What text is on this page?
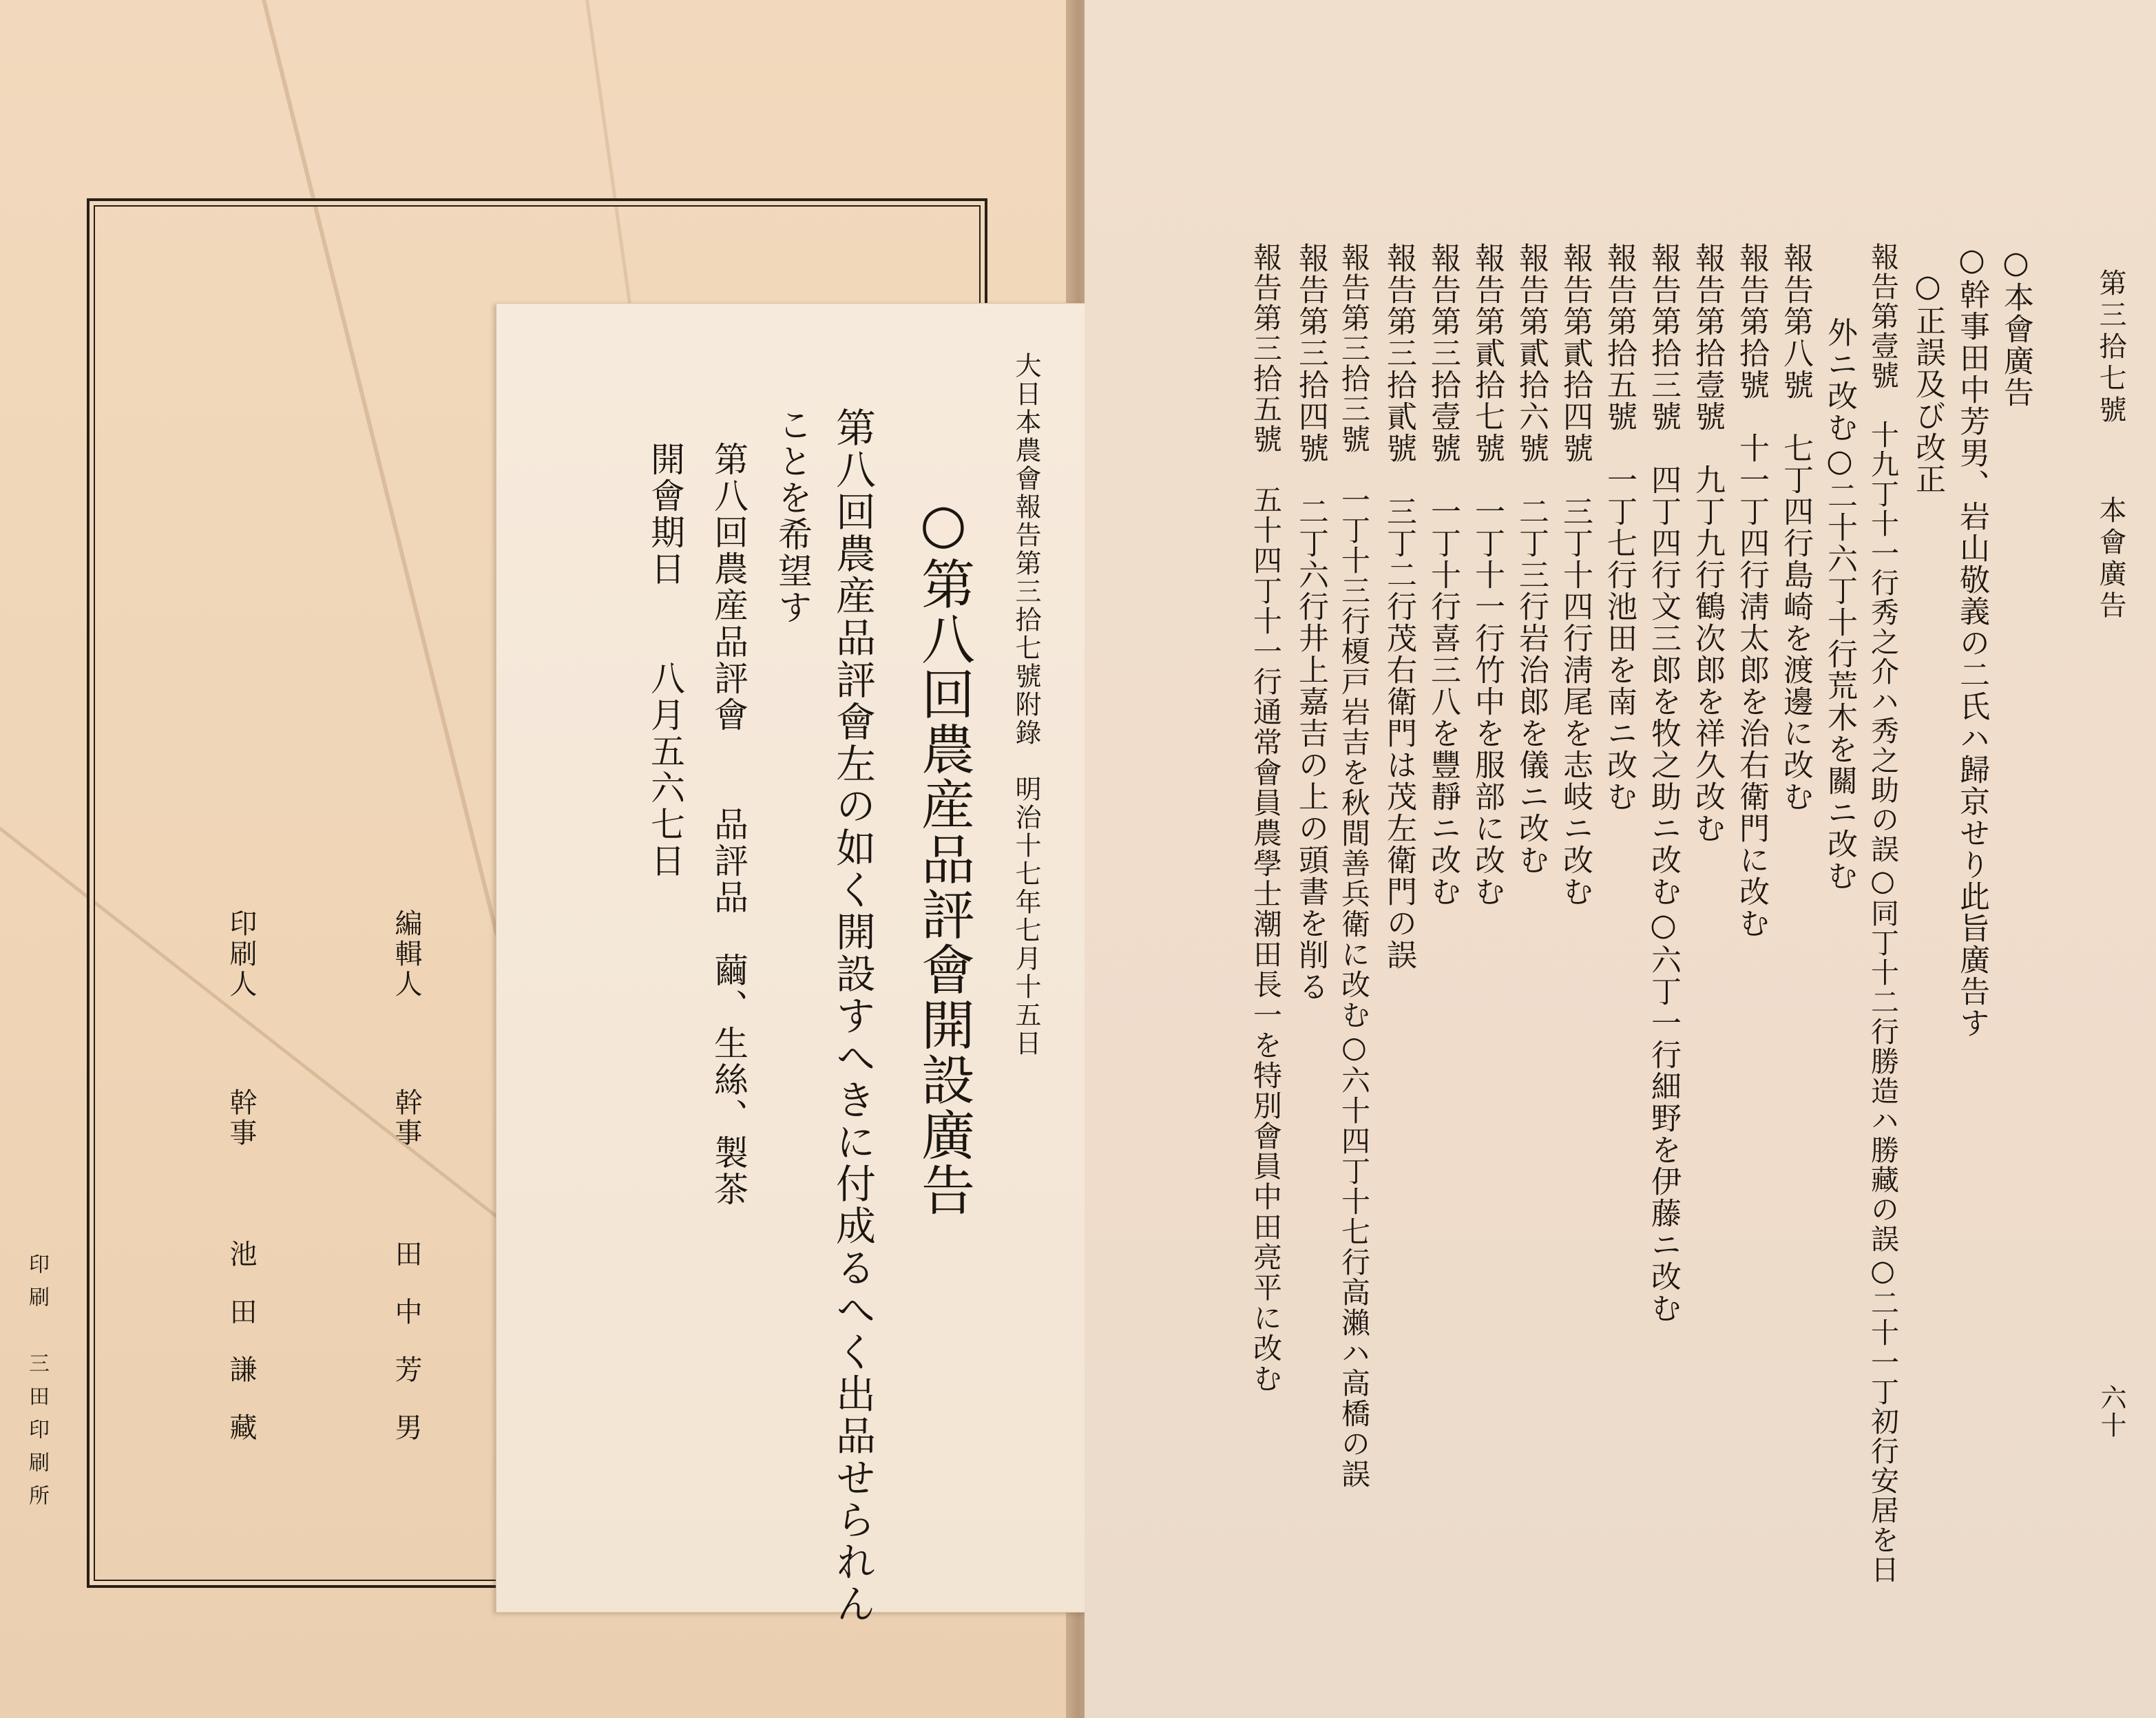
編輯人
幹事
田中芳男
印刷人
幹事
池田謙藏
印刷　三田印刷所
大日本農會報告第三拾七號附錄　明治十七年七月十五日
○第八回農産品評會開設廣告
第八回農産品評會左の如く開設すへきに付成るへく出品せられん
ことを希望す
第八回農産品評會　　品評品　繭、生絲、製茶
開會期日　　八月五六七日
第三拾七號
本會廣告
六十
○本會廣告
○幹事田中芳男、岩山敬義の二氏ハ歸京せり此旨廣告す
○正誤及び改正
報告第壹號　十九丁十一行秀之介ハ秀之助の誤○同丁十二行勝造ハ勝藏の誤○二十一丁初行安居を日
外ニ改む○二十六丁十行荒木を關ニ改む
報告第八號　七丁四行島崎を渡邊に改む
報告第拾號　十一丁四行淸太郎を治右衛門に改む
報告第拾壹號　九丁九行鶴次郎を祥久改む
報告第拾三號　四丁四行文三郎を牧之助ニ改む○六丁一行細野を伊藤ニ改む
報告第拾五號　一丁七行池田を南ニ改む
報告第貳拾四號　三丁十四行淸尾を志岐ニ改む
報告第貳拾六號　二丁三行岩治郎を儀ニ改む
報告第貳拾七號　一丁十一行竹中を服部に改む
報告第三拾壹號　一丁十行喜三八を豐靜ニ改む
報告第三拾貳號　三丁二行茂右衛門は茂左衛門の誤
報告第三拾三號　一丁十三行榎戸岩吉を秋間善兵衛に改む○六十四丁十七行高瀨ハ高橋の誤
報告第三拾四號　二丁六行井上嘉吉の上の頭書を削る
報告第三拾五號　五十四丁十一行通常會員農學士潮田長一を特別會員中田亮平に改む
